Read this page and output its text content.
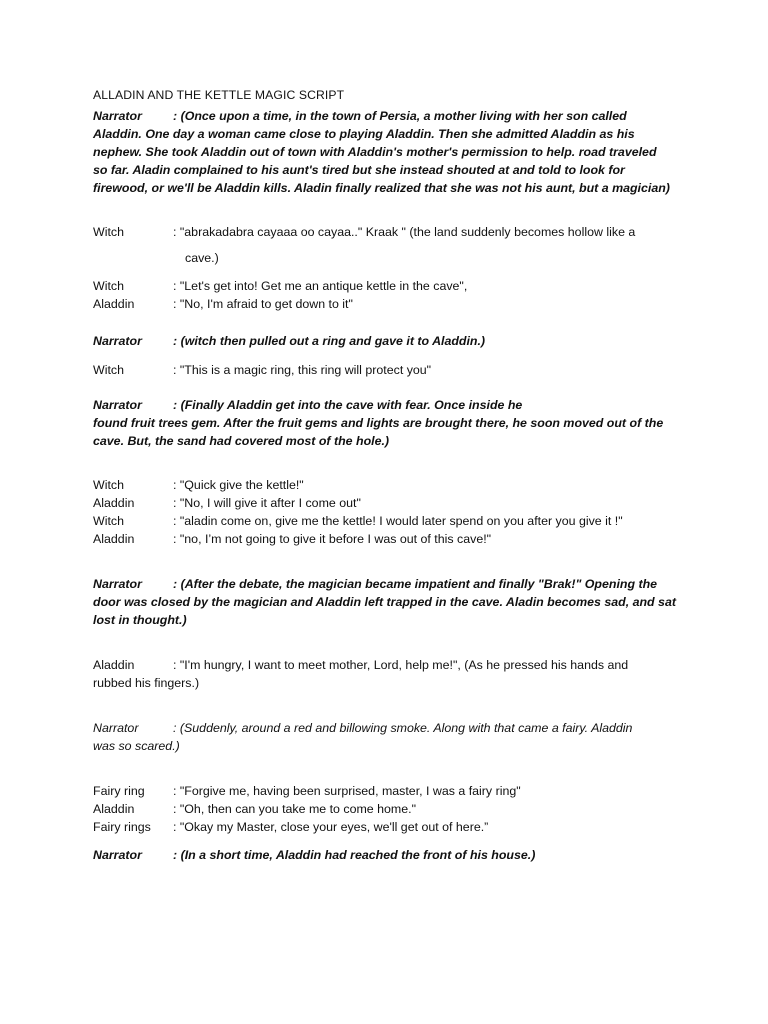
ALLADIN AND THE KETTLE MAGIC SCRIPT
Narrator	: (Once upon a time, in the town of Persia, a mother living with her son called
Aladdin. One day a woman came close to playing Aladdin. Then she admitted Aladdin as his
nephew. She took Aladdin out of town with Aladdin's mother's permission to help. road traveled
so far. Aladin complained to his aunt's tired but she instead shouted at and told to look for
firewood, or we'll be Aladdin kills. Aladin finally realized that she was not his aunt, but a magician)
Witch	: "abrakadabra cayaaa oo cayaa.." Kraak " (the land suddenly becomes hollow like a
cave.)
Witch	: "Let's get into! Get me an antique kettle in the cave",
Aladdin	: "No, I'm afraid to get down to it"
Narrator	: (witch then pulled out a ring and gave it to Aladdin.)
Witch	: "This is a magic ring, this ring will protect you"
Narrator	: (Finally Aladdin get into the cave with fear. Once inside he
found fruit trees gem. After the fruit gems and lights are brought there, he soon moved out of the
cave. But, the sand had covered most of the hole.)
Witch	: "Quick give the kettle!"
Aladdin	: "No, I will give it after I come out"
Witch	: "aladin come on, give me the kettle! I would later spend on you after you give it !"
Aladdin	: "no, I’m not going to give it before I was out of this cave!"
Narrator	: (After the debate, the magician became impatient and finally "Brak!" Opening the
door was closed by the magician and Aladdin left trapped in the cave. Aladin becomes sad, and sat
lost in thought.)
Aladdin	: "I'm hungry, I want to meet mother, Lord, help me!", (As he pressed his hands and
rubbed his fingers.)
Narrator	: (Suddenly, around a red and billowing smoke. Along with that came a fairy. Aladdin
was so scared.)
Fairy ring : "Forgive me, having been surprised, master, I was a fairy ring"
Aladdin	: "Oh, then can you take me to come home."
Fairy rings : "Okay my Master, close your eyes, we'll get out of here.”
Narrator	: (In a short time, Aladdin had reached the front of his house.)
